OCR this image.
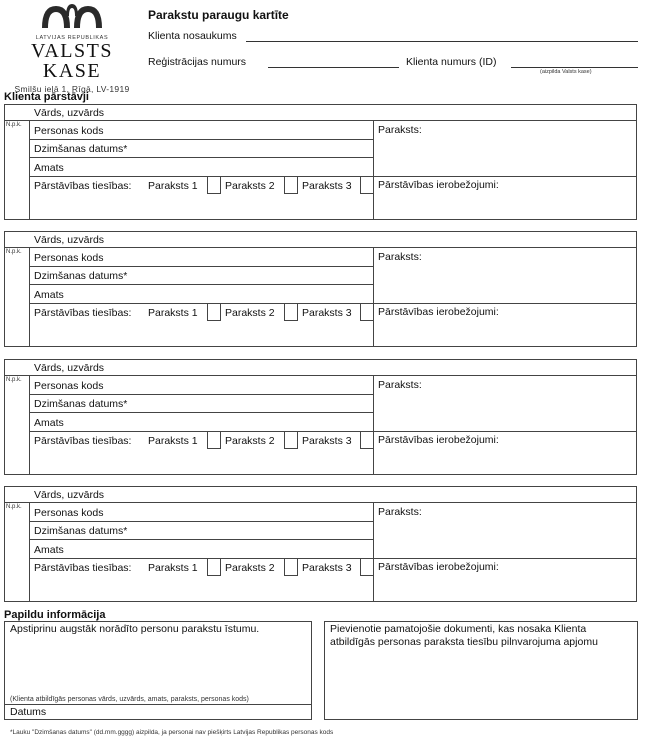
LATVIJAS REPUBLIKAS
VALSTS KASE
Smilšu ielā 1, Rīgā, LV-1919
Parakstu paraugu kartīte
Klienta nosaukums
Reģistrācijas numurs	Klienta numurs (ID)
(aizpilda Valsts kase)
Klienta pārstāvji
N.p.k.
Vārds, uzvārds
Personas kods
Dzimšanas datums*
Amats
Pārstāvības tiesības: Paraksts 1	Paraksts 2	Paraksts 3
Paraksts:
Pārstāvības ierobežojumi:
N.p.k.
Vārds, uzvārds
Personas kods
Dzimšanas datums*
Amats
Pārstāvības tiesības: Paraksts 1	Paraksts 2	Paraksts 3
Paraksts:
Pārstāvības ierobežojumi:
N.p.k.
Vārds, uzvārds
Personas kods
Dzimšanas datums*
Amats
Pārstāvības tiesības: Paraksts 1	Paraksts 2	Paraksts 3
Paraksts:
Pārstāvības ierobežojumi:
N.p.k.
Vārds, uzvārds
Personas kods
Dzimšanas datums*
Amats
Pārstāvības tiesības: Paraksts 1	Paraksts 2	Paraksts 3
Paraksts:
Pārstāvības ierobežojumi:
Papildu informācija
Apstiprinu augstāk norādīto personu parakstu īstumu.
(Klienta atbildīgās personas vārds, uzvārds, amats, paraksts, personas kods)
Datums
Pievienotie pamatojošie dokumenti, kas nosaka Klienta atbildīgās personas paraksta tiesību pilnvarojuma apjomu
*Lauku "Dzimšanas datums" (dd.mm.gggg) aizpilda, ja personai nav piešķirts Latvijas Republikas personas kods
